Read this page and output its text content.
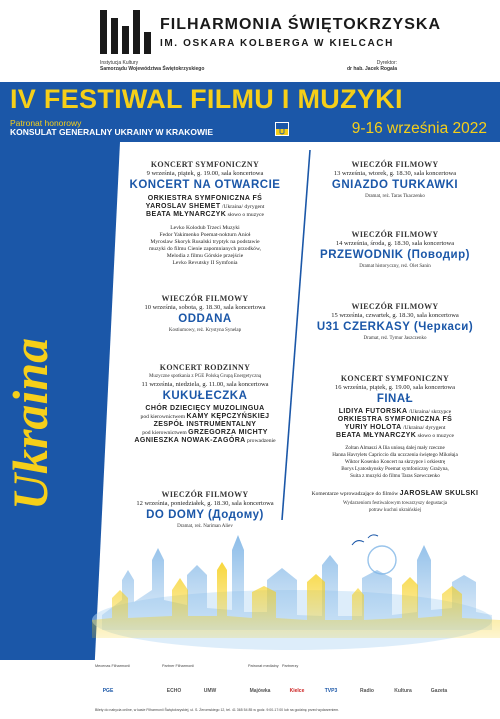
FILHARMONIA ŚWIĘTOKRZYSKA
IM. OSKARA KOLBERGA W KIELCACH
Instytucja Kultury
Samorządu Województwa Świętokrzyskiego
Dyrektor:
dr hab. Jacek Rogala
IV FESTIWAL FILMU I MUZYKI
Patronat honorowy
KONSULAT GENERALNY UKRAINY W KRAKOWIE	9-16 września 2022
Ukraina
KONCERT SYMFONICZNY
9 września, piątek, g. 19.00, sala koncertowa
KONCERT NA OTWARCIE
ORKIESTRA SYMFONICZNA FŚ
YAROSLAV SHEMET /Ukraina/ dyrygent
BEATA MŁYNARCZYK słowo o muzyce
Levko Kolodub Trzeci Muzyki
Fedor Yakimenko Poemat-nokturn Anioł
Myroslaw Skoryk Rusalski tryptyk na podstawie
muzyki do filmu Cienie zapomnianych przodków,
Melodia z filmu Górskie przejście
Levko Revutsky II Symfonia
WIECZÓR FILMOWY
10 września, sobota, g. 18.30, sala koncertowa
ODDANA
Kostiumowy, reż. Krystyna Synelap
KONCERT RODZINNY
Muzyczne spotkania z PGE Polską Grupą Energetyczną
11 września, niedziela, g. 11.00, sala koncertowa
KUKUŁECZKA
CHÓR DZIECIĘCY MUZOLINGUA
pod kierownictwem KAMY KĘPCZYŃSKIEJ
ZESPÓŁ INSTRUMENTALNY
pod kierownictwem GRZEGORZA MICHTY
AGNIESZKA NOWAK-ZAGÓRA prowadzenie
WIECZÓR FILMOWY
12 września, poniedziałek, g. 18.30, sala koncertowa
DO DOMY (Додому)
Dramat, reż. Nariman Aliev
WIECZÓR FILMOWY
13 września, wtorek, g. 18.30, sala koncertowa
GNIAZDO TURKAWKI
Dramat, reż. Taras Tkaczenko
WIECZÓR FILMOWY
14 września, środa, g. 18.30, sala koncertowa
PRZEWODNIK (Поводир)
Dramat historyczny, reż. Olet Sanin
WIECZÓR FILMOWY
15 września, czwartek, g. 18.30, sala koncertowa
U31 CZERKASY (Черкаси)
Dramat, reż. Tymur Jaszczenko
KONCERT SYMFONICZNY
16 września, piątek, g. 19.00, sala koncertowa
FINAŁ
LIDIYA FUTORSKA /Ukraina/ skrzypce
ORKIESTRA SYMFONICZNA FŚ
YURIY HOLOTA /Ukraina/ dyrygent
BEATA MŁYNARCZYK słowo o muzyce
Zoltan Almaszi A Ilia uniosą dalej mały rzeczne
Hanna Havrylets Capriccio dla uczczenia świętego Mikołaja
Wiktor Kosenko Koncert na skrzypce i orkiestrę
Borys Lyatoshynsky Poemat symfoniczny Grażyna,
Suita z muzyki do filmu Taras Szewczenko
Komentarze wprowadzające do filmów JAROSŁAW SKULSKI
Wydarzeniom festiwalowym towarzyszy degustacja
potraw kuchni ukraińskiej
Mecenas Filharmonii	Partner Filharmonii	Patronat medialny Partnerzy
PGE	ECHO	UMW	Majówka	Kielce	TVP3	Radio	Kultura	Gazeta
Bilety do nabycia online, w kasie Filharmonii Świętokrzyskiej, ul. S. Żeromskiego 12, tel. 41 365 54 85 w godz. 9:00-17:00 lub na godzinę przed wydarzeniem.
